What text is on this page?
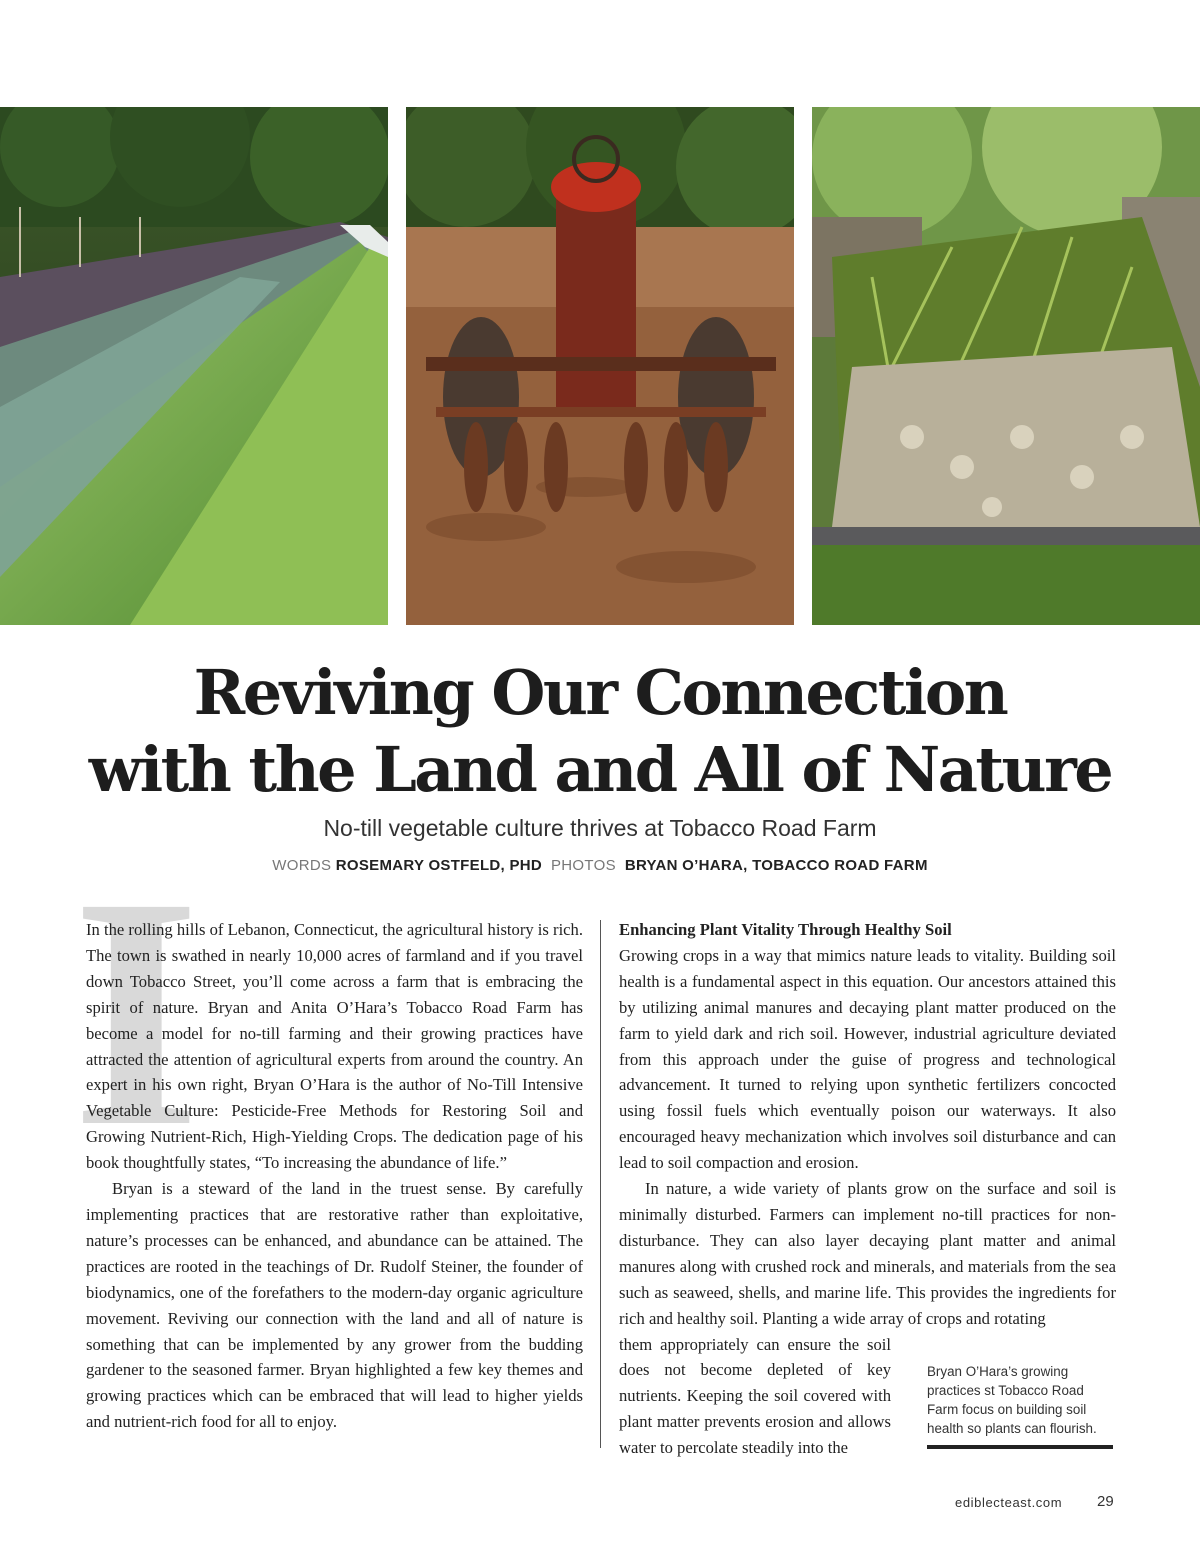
Reviving Our Connection
with the Land and All of Nature
No-till vegetable culture thrives at Tobacco Road Farm
WORDS ROSEMARY OSTFELD, PHD PHOTOS BRYAN O’HARA, TOBACCO ROAD FARM
I

In the rolling hills of Lebanon, Connecticut, the agricultural history is rich. The town is swathed in nearly 10,000 acres of farmland and if you travel down Tobacco Street, you’ll come across a farm that is embracing the spirit of nature. Bryan and Anita O’Hara’s Tobacco Road Farm has become a model for no-till farming and their growing practices have attracted the attention of agricultural experts from around the country. An expert in his own right, Bryan O’Hara is the author of No-Till Intensive Vegetable Culture: Pesticide-Free Methods for Restoring Soil and Growing Nutrient-Rich, High-Yielding Crops. The dedication page of his book thoughtfully states, “To increasing the abundance of life.”

Bryan is a steward of the land in the truest sense. By carefully implementing practices that are restorative rather than exploitative, nature’s processes can be enhanced, and abundance can be attained. The practices are rooted in the teachings of Dr. Rudolf Steiner, the founder of biodynamics, one of the forefathers to the modern-day organic agriculture movement. Reviving our connection with the land and all of nature is something that can be implemented by any grower from the budding gardener to the seasoned farmer. Bryan highlighted a few key themes and growing practices which can be embraced that will lead to higher yields and nutrient-rich food for all to enjoy.

Enhancing Plant Vitality Through Healthy Soil

Growing crops in a way that mimics nature leads to vitality. Building soil health is a fundamental aspect in this equation. Our ancestors attained this by utilizing animal manures and decaying plant matter produced on the farm to yield dark and rich soil. However, industrial agriculture deviated from this approach under the guise of progress and technological advancement. It turned to relying upon synthetic fertilizers concocted using fossil fuels which eventually poison our waterways. It also encouraged heavy mechanization which involves soil disturbance and can lead to soil compaction and erosion.

In nature, a wide variety of plants grow on the surface and soil is minimally disturbed. Farmers can implement no-till practices for non-disturbance. They can also layer decaying plant matter and animal manures along with crushed rock and minerals, and materials from the sea such as seaweed, shells, and marine life. This provides the ingredients for rich and healthy soil. Planting a wide array of crops and rotating

them appropriately can ensure the soil does not become depleted of key nutrients. Keeping the soil covered with plant matter prevents erosion and allows water to percolate steadily into the

Bryan O’Hara’s growing practices st Tobacco Road Farm focus on building soil health so plants can flourish.
ediblecteast.com 29
